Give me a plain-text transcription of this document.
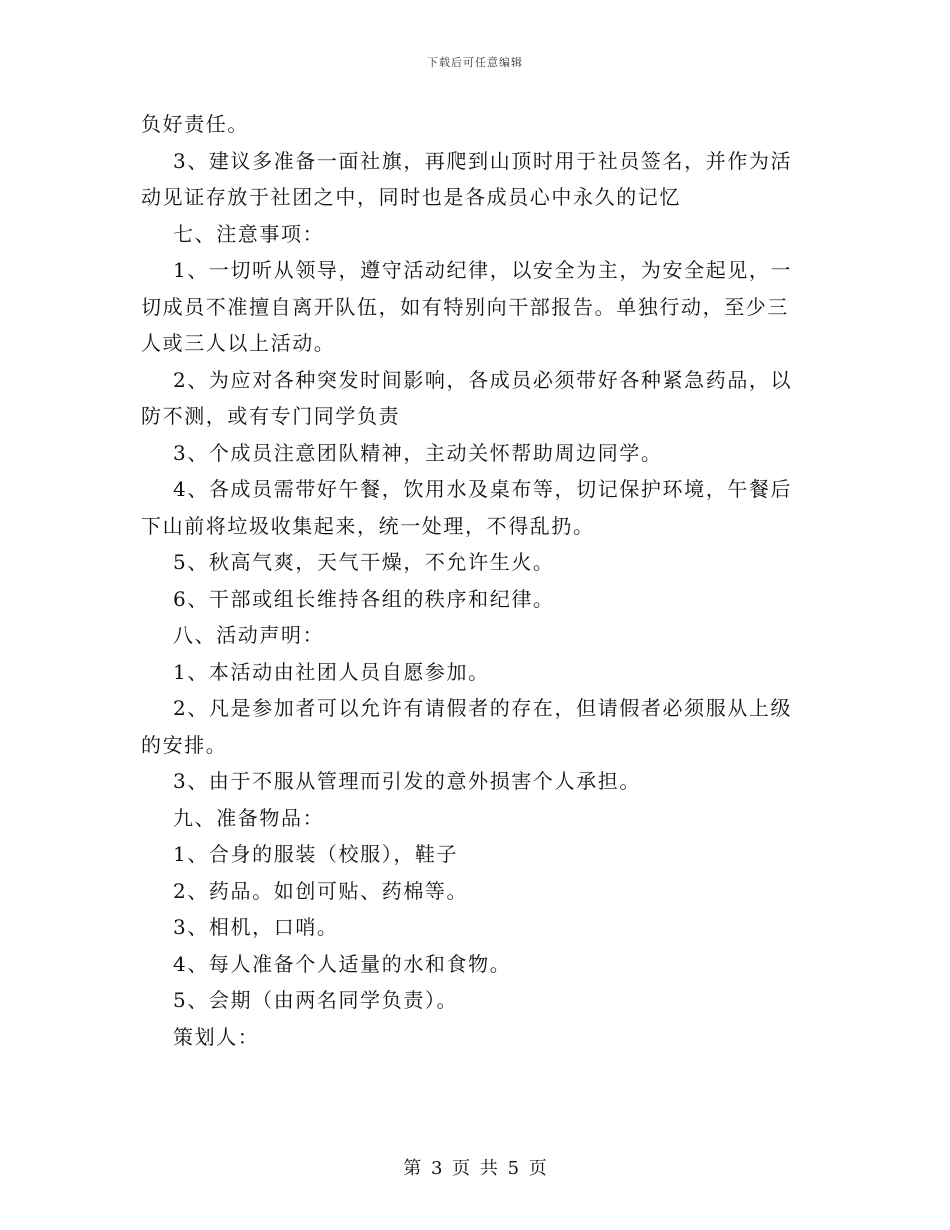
下载后可任意编辑

负好责任。

3、建议多准备一面社旗，再爬到山顶时用于社员签名，并作为活

动见证存放于社团之中，同时也是各成员心中永久的记忆

七、注意事项：

1、一切听从领导，遵守活动纪律，以安全为主，为安全起见，一

切成员不准擅自离开队伍，如有特别向干部报告。单独行动，至少三

人或三人以上活动。

2、为应对各种突发时间影响，各成员必须带好各种紧急药品，以

防不测，或有专门同学负责

3、个成员注意团队精神，主动关怀帮助周边同学。

4、各成员需带好午餐，饮用水及桌布等，切记保护环境，午餐后

下山前将垃圾收集起来，统一处理，不得乱扔。

5、秋高气爽，天气干燥，不允许生火。

6、干部或组长维持各组的秩序和纪律。

八、活动声明：

1、本活动由社团人员自愿参加。

2、凡是参加者可以允许有请假者的存在，但请假者必须服从上级

的安排。

3、由于不服从管理而引发的意外损害个人承担。

九、准备物品：

1、合身的服装（校服），鞋子

2、药品。如创可贴、药棉等。

3、相机，口哨。

4、每人准备个人适量的水和食物。

5、会期（由两名同学负责）。

策划人：

第 3 页 共 5 页
